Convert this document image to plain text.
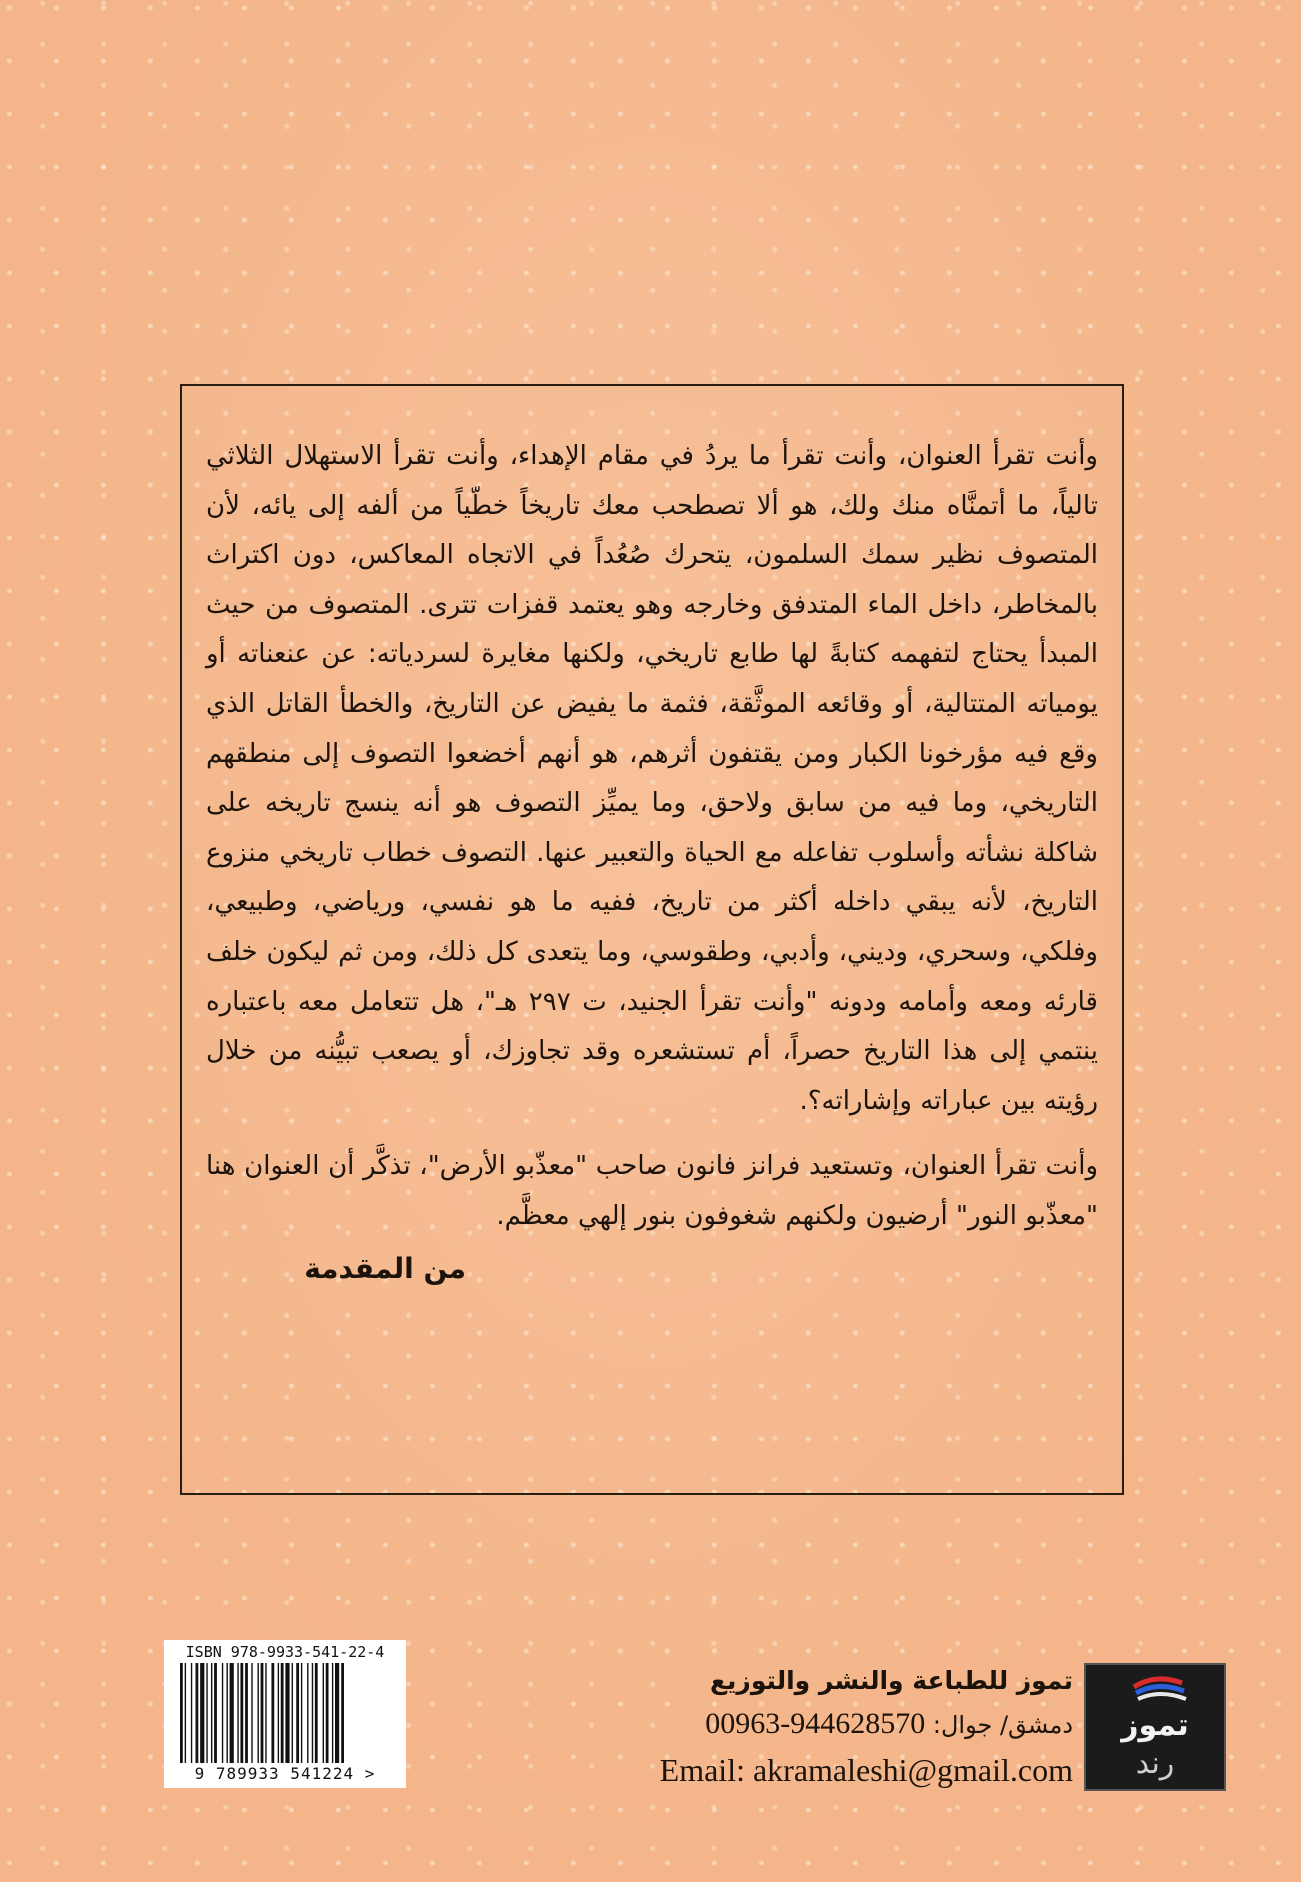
وأنت تقرأ العنوان، وأنت تقرأ ما يردُ في مقام الإهداء، وأنت تقرأ الاستهلال الثلاثي تالياً، ما أتمنَّاه منك ولك، هو ألا تصطحب معك تاريخاً خطّياً من ألفه إلى يائه، لأن المتصوف نظير سمك السلمون، يتحرك صُعُداً في الاتجاه المعاكس، دون اكتراث بالمخاطر، داخل الماء المتدفق وخارجه وهو يعتمد قفزات تترى. المتصوف من حيث المبدأ يحتاج لتفهمه كتابةً لها طابع تاريخي، ولكنها مغايرة لسردياته: عن عنعناته أو يومياته المتتالية، أو وقائعه الموثَّقة، فثمة ما يفيض عن التاريخ، والخطأ القاتل الذي وقع فيه مؤرخونا الكبار ومن يقتفون أثرهم، هو أنهم أخضعوا التصوف إلى منطقهم التاريخي، وما فيه من سابق ولاحق، وما يميِّز التصوف هو أنه ينسج تاريخه على شاكلة نشأته وأسلوب تفاعله مع الحياة والتعبير عنها. التصوف خطاب تاريخي منزوع التاريخ، لأنه يبقي داخله أكثر من تاريخ، ففيه ما هو نفسي، ورياضي، وطبيعي، وفلكي، وسحري، وديني، وأدبي، وطقوسي، وما يتعدى كل ذلك، ومن ثم ليكون خلف قارئه ومعه وأمامه ودونه "وأنت تقرأ الجنيد، ت ٢٩٧ هـ"، هل تتعامل معه باعتباره ينتمي إلى هذا التاريخ حصراً، أم تستشعره وقد تجاوزك، أو يصعب تبيُّنه من خلال رؤيته بين عباراته وإشاراته؟.

وأنت تقرأ العنوان، وتستعيد فرانز فانون صاحب "معذّبو الأرض"، تذكَّر أن العنوان هنا "معذّبو النور" أرضيون ولكنهم شغوفون بنور إلهي معظَّم.

من المقدمة
ISBN 978-9933-541-22-4
9 789933 541224 >
تموز للطباعة والنشر والتوزيع
دمشق/ جوال: 00963-944628570
Email: akramaleshi@gmail.com
تموز
رند
